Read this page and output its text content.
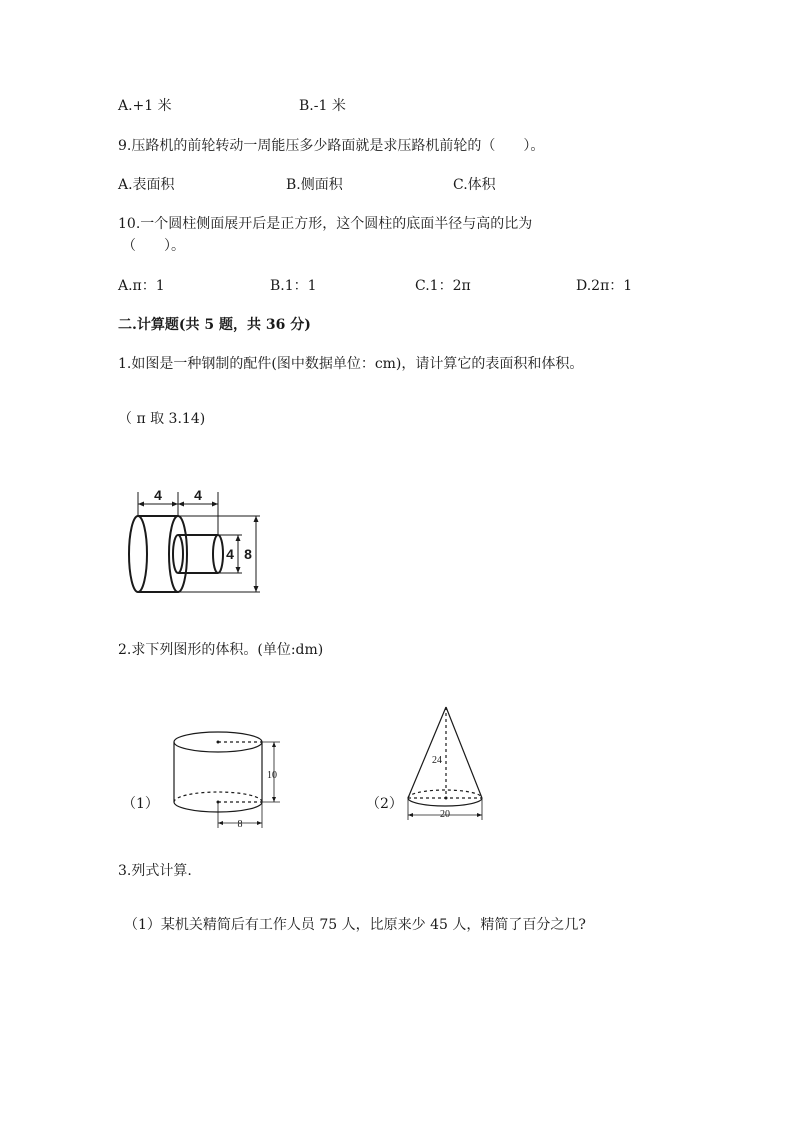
A.+1 米	B.-1 米
9.压路机的前轮转动一周能压多少路面就是求压路机前轮的（　　）。
A.表面积	B.侧面积	C.体积
10.一个圆柱侧面展开后是正方形，这个圆柱的底面半径与高的比为
（　　）。
A.π：1	B.1：1	C.1：2π	D.2π：1
二.计算题(共 5 题，共 36 分)
1.如图是一种钢制的配件(图中数据单位：cm)，请计算它的表面积和体积。
（ π 取 3.14)
4 4
4 8
2.求下列图形的体积。(单位:dm)
（1）
10
8
（2）
24
20
3.列式计算.
（1）某机关精简后有工作人员 75 人，比原来少 45 人，精简了百分之几?
